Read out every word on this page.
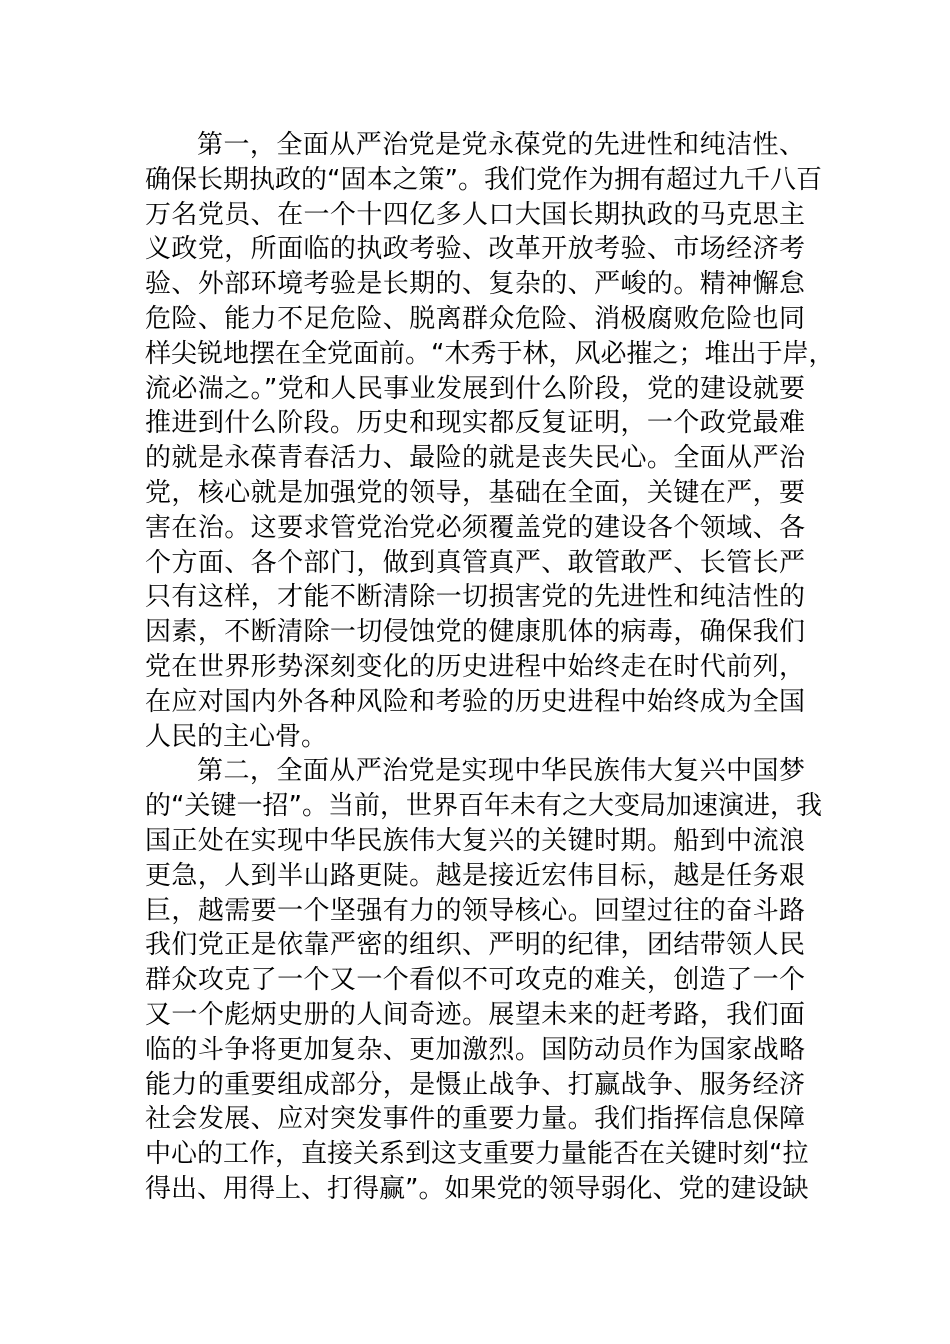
第一，全面从严治党是党永葆党的先进性和纯洁性、
确保长期执政的“固本之策”。我们党作为拥有超过九千八百
万名党员、在一个十四亿多人口大国长期执政的马克思主
义政党，所面临的执政考验、改革开放考验、市场经济考
验、外部环境考验是长期的、复杂的、严峻的。精神懈怠
危险、能力不足危险、脱离群众危险、消极腐败危险也同
样尖锐地摆在全党面前。“木秀于林，风必摧之；堆出于岸，
流必湍之。”党和人民事业发展到什么阶段，党的建设就要
推进到什么阶段。历史和现实都反复证明，一个政党最难
的就是永葆青春活力、最险的就是丧失民心。全面从严治
党，核心就是加强党的领导，基础在全面，关键在严，要
害在治。这要求管党治党必须覆盖党的建设各个领域、各
个方面、各个部门，做到真管真严、敢管敢严、长管长严
只有这样，才能不断清除一切损害党的先进性和纯洁性的
因素，不断清除一切侵蚀党的健康肌体的病毒，确保我们
党在世界形势深刻变化的历史进程中始终走在时代前列，
在应对国内外各种风险和考验的历史进程中始终成为全国
人民的主心骨。
第二，全面从严治党是实现中华民族伟大复兴中国梦
的“关键一招”。当前，世界百年未有之大变局加速演进，我
国正处在实现中华民族伟大复兴的关键时期。船到中流浪
更急，人到半山路更陡。越是接近宏伟目标，越是任务艰
巨，越需要一个坚强有力的领导核心。回望过往的奋斗路
我们党正是依靠严密的组织、严明的纪律，团结带领人民
群众攻克了一个又一个看似不可攻克的难关，创造了一个
又一个彪炳史册的人间奇迹。展望未来的赶考路，我们面
临的斗争将更加复杂、更加激烈。国防动员作为国家战略
能力的重要组成部分，是慑止战争、打赢战争、服务经济
社会发展、应对突发事件的重要力量。我们指挥信息保障
中心的工作，直接关系到这支重要力量能否在关键时刻“拉
得出、用得上、打得赢”。如果党的领导弱化、党的建设缺
